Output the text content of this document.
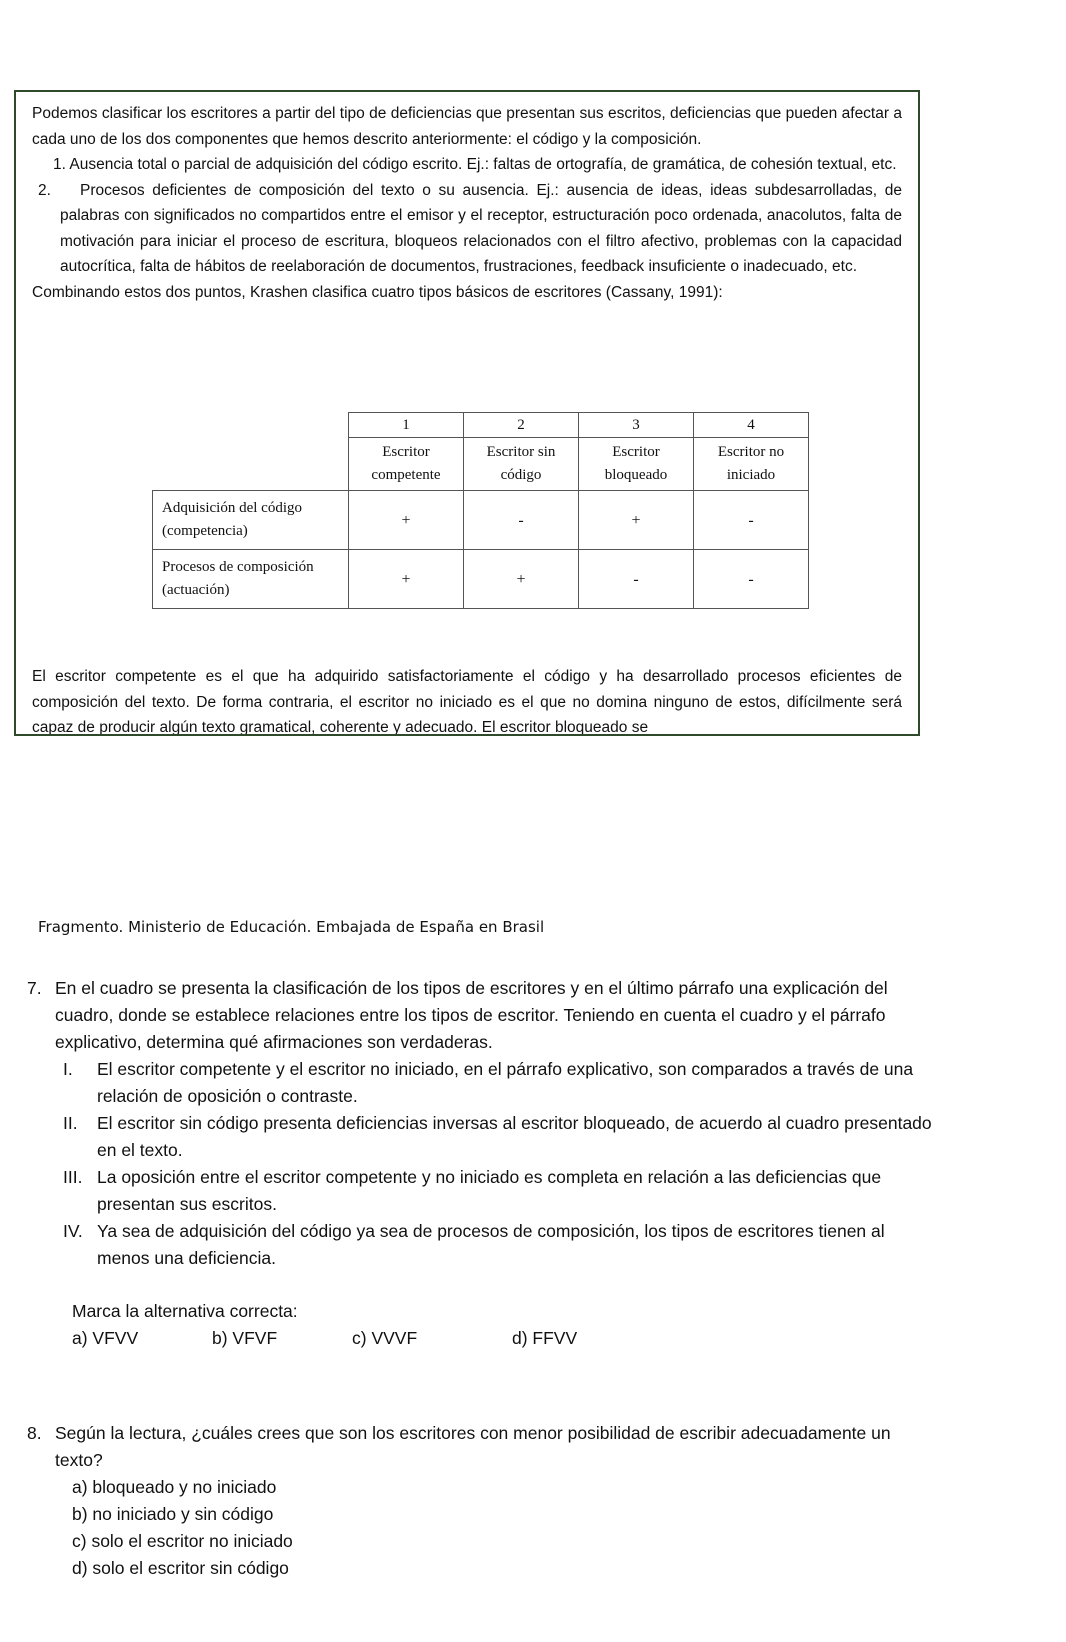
Podemos clasificar los escritores a partir del tipo de deficiencias que presentan sus escritos, deficiencias que pueden afectar a cada uno de los dos componentes que hemos descrito anteriormente: el código y la composición.

1. Ausencia total o parcial de adquisición del código escrito. Ej.: faltas de ortografía, de gramática, de cohesión textual, etc.
2.	Procesos deficientes de composición del texto o su ausencia. Ej.: ausencia de ideas, ideas subdesarrolladas, de palabras con significados no compartidos entre el emisor y el receptor, estructuración poco ordenada, anacolutos, falta de motivación para iniciar el proceso de escritura, bloqueos relacionados con el filtro afectivo, problemas con la capacidad autocrítica, falta de hábitos de reelaboración de documentos, frustraciones, feedback insuficiente o inadecuado, etc.

Combinando estos dos puntos, Krashen clasifica cuatro tipos básicos de escritores (Cassany, 1991):

	1	2	3	4
	Escritor competente	Escritor sin código	Escritor bloqueado	Escritor no iniciado
Adquisición del código (competencia)	+	-	+	-
Procesos de composición (actuación)	+	+	-	-

El escritor competente es el que ha adquirido satisfactoriamente el código y ha desarrollado procesos eficientes de composición del texto. De forma contraria, el escritor no iniciado es el que no domina ninguno de estos, difícilmente será capaz de producir algún texto gramatical, coherente y adecuado. El escritor bloqueado se

Fragmento. Ministerio de Educación. Embajada de España en Brasil
7. En el cuadro se presenta la clasificación de los tipos de escritores y en el último párrafo una explicación del cuadro, donde se establece relaciones entre los tipos de escritor. Teniendo en cuenta el cuadro y el párrafo explicativo, determina qué afirmaciones son verdaderas.
I.	El escritor competente y el escritor no iniciado, en el párrafo explicativo, son comparados a través de una relación de oposición o contraste.
II.	El escritor sin código presenta deficiencias inversas al escritor bloqueado, de acuerdo al cuadro presentado en el texto.
III. La oposición entre el escritor competente y no iniciado es completa en relación a las deficiencias que presentan sus escritos.
IV. Ya sea de adquisición del código ya sea de procesos de composición, los tipos de escritores tienen al menos una deficiencia.
Marca la alternativa correcta:
a) VFVV	b) VFVF	c) VVVF	d) FFVV
8. Según la lectura, ¿cuáles crees que son los escritores con menor posibilidad de escribir adecuadamente un texto?
a) bloqueado y no iniciado
b) no iniciado y sin código
c) solo el escritor no iniciado
d) solo el escritor sin código
